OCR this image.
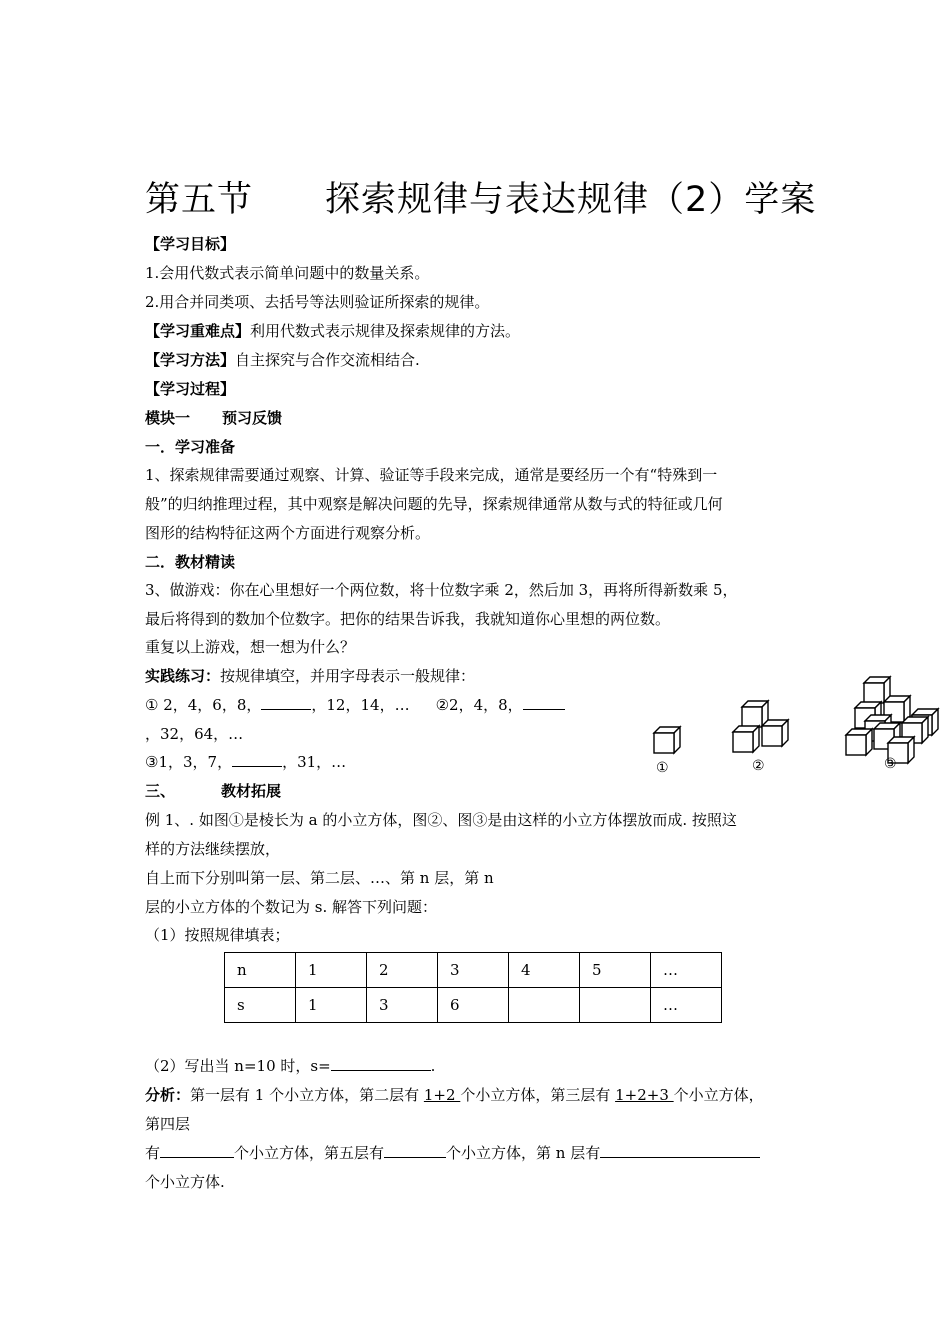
第五节 探索规律与表达规律（2）学案
【学习目标】
1.会用代数式表示简单问题中的数量关系。
2.用合并同类项、去括号等法则验证所探索的规律。
【学习重难点】利用代数式表示规律及探索规律的方法。
【学习方法】自主探究与合作交流相结合.
【学习过程】
模块一 预习反馈
一．学习准备
1、探索规律需要通过观察、计算、验证等手段来完成，通常是要经历一个有“特殊到一
般”的归纳推理过程，其中观察是解决问题的先导，探索规律通常从数与式的特征或几何
图形的结构特征这两个方面进行观察分析。
二．教材精读
3、做游戏：你在心里想好一个两位数，将十位数字乘 2，然后加 3，再将所得新数乘 5，
最后将得到的数加个位数字。把你的结果告诉我，我就知道你心里想的两位数。
重复以上游戏，想一想为什么？
实践练习：按规律填空，并用字母表示一般规律：
① 2，4，6，8，	，12，14，… ②2，4，8，
，32，64，…
③1，3，7，	，31，…
三、	教材拓展
例 1、. 如图①是棱长为 a 的小立方体，图②、图③是由这样的小立方体摆放而成. 按照这
样的方法继续摆放，
自上而下分别叫第一层、第二层、…、第 n 层，第 n
层的小立方体的个数记为 s. 解答下列问题：
（1）按照规律填表；
①	②	③
n	1	2	3	4	5	…
s	1	3	6			…
（2）写出当 n=10 时，s=	.
分析：第一层有 1 个小立方体，第二层有 1+2 个小立方体，第三层有 1+2+3 个小立方体，
第四层
有	个小立方体，第五层有	个小立方体，第 n 层有
个小立方体.
